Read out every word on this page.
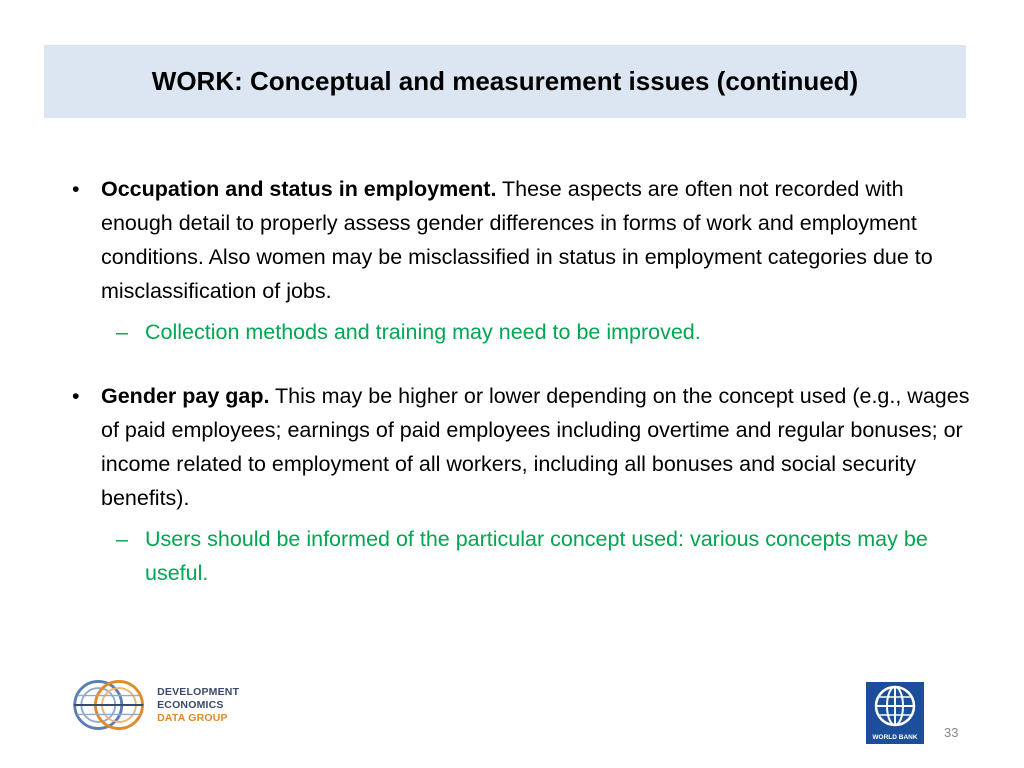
WORK: Conceptual and measurement issues (continued)
• Occupation and status in employment. These aspects are often not recorded with enough detail to properly assess gender differences in forms of work and employment conditions. Also women may be misclassified in status in employment categories due to misclassification of jobs.
– Collection methods and training may need to be improved.
• Gender pay gap. This may be higher or lower depending on the concept used (e.g., wages of paid employees; earnings of paid employees including overtime and regular bonuses; or income related to employment of all workers, including all bonuses and social security benefits).
– Users should be informed of the particular concept used: various concepts may be useful.
DEVELOPMENT ECONOMICS
DATA GROUP
WORLD BANK	33
